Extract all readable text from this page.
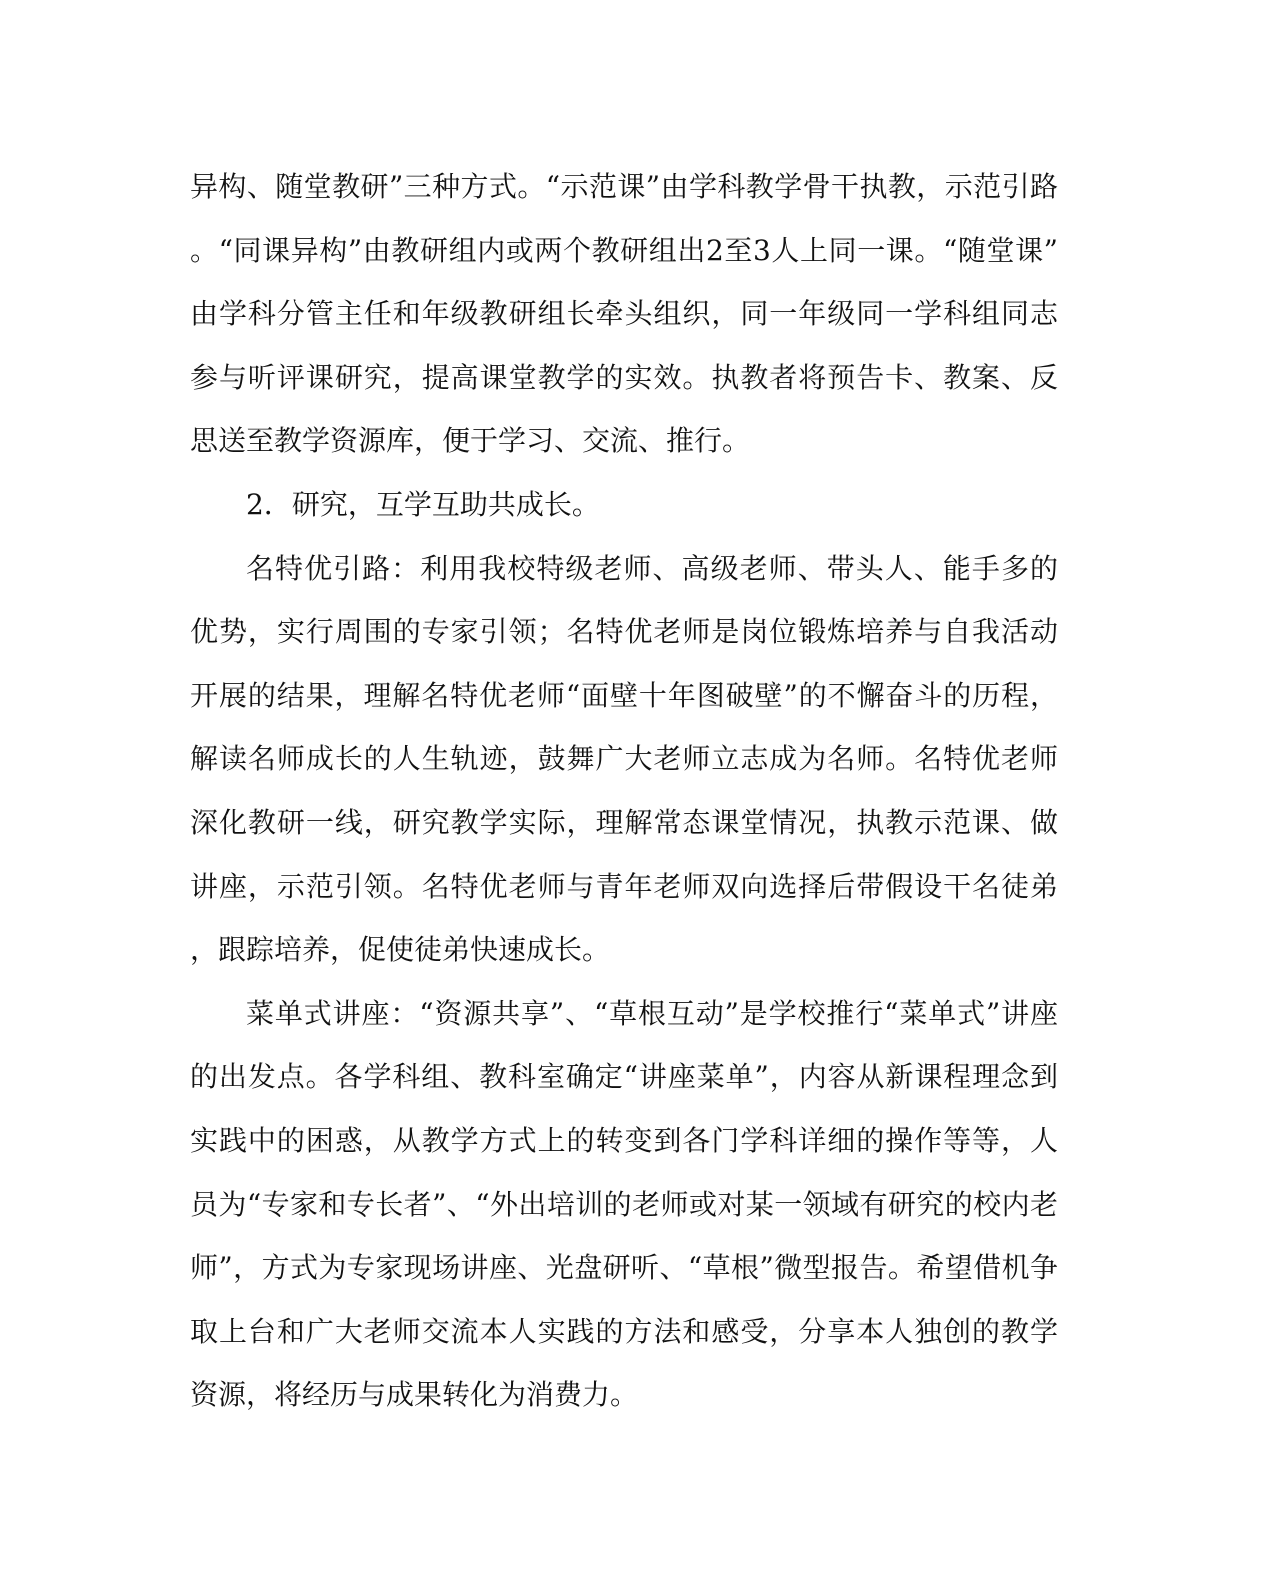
异构、随堂教研”三种方式。“示范课”由学科教学骨干执教，示范引路
。“同课异构”由教研组内或两个教研组出2至3人上同一课。“随堂课”
由学科分管主任和年级教研组长牵头组织，同一年级同一学科组同志
参与听评课研究，提高课堂教学的实效。执教者将预告卡、教案、反
思送至教学资源库，便于学习、交流、推行。
2．研究，互学互助共成长。
名特优引路：利用我校特级老师、高级老师、带头人、能手多的
优势，实行周围的专家引领；名特优老师是岗位锻炼培养与自我活动
开展的结果，理解名特优老师“面壁十年图破壁”的不懈奋斗的历程，
解读名师成长的人生轨迹，鼓舞广大老师立志成为名师。名特优老师
深化教研一线，研究教学实际，理解常态课堂情况，执教示范课、做
讲座，示范引领。名特优老师与青年老师双向选择后带假设干名徒弟
，跟踪培养，促使徒弟快速成长。
菜单式讲座：“资源共享”、“草根互动”是学校推行“菜单式”讲座
的出发点。各学科组、教科室确定“讲座菜单”，内容从新课程理念到
实践中的困惑，从教学方式上的转变到各门学科详细的操作等等，人
员为“专家和专长者”、“外出培训的老师或对某一领域有研究的校内老
师”，方式为专家现场讲座、光盘研听、“草根”微型报告。希望借机争
取上台和广大老师交流本人实践的方法和感受，分享本人独创的教学
资源，将经历与成果转化为消费力。
